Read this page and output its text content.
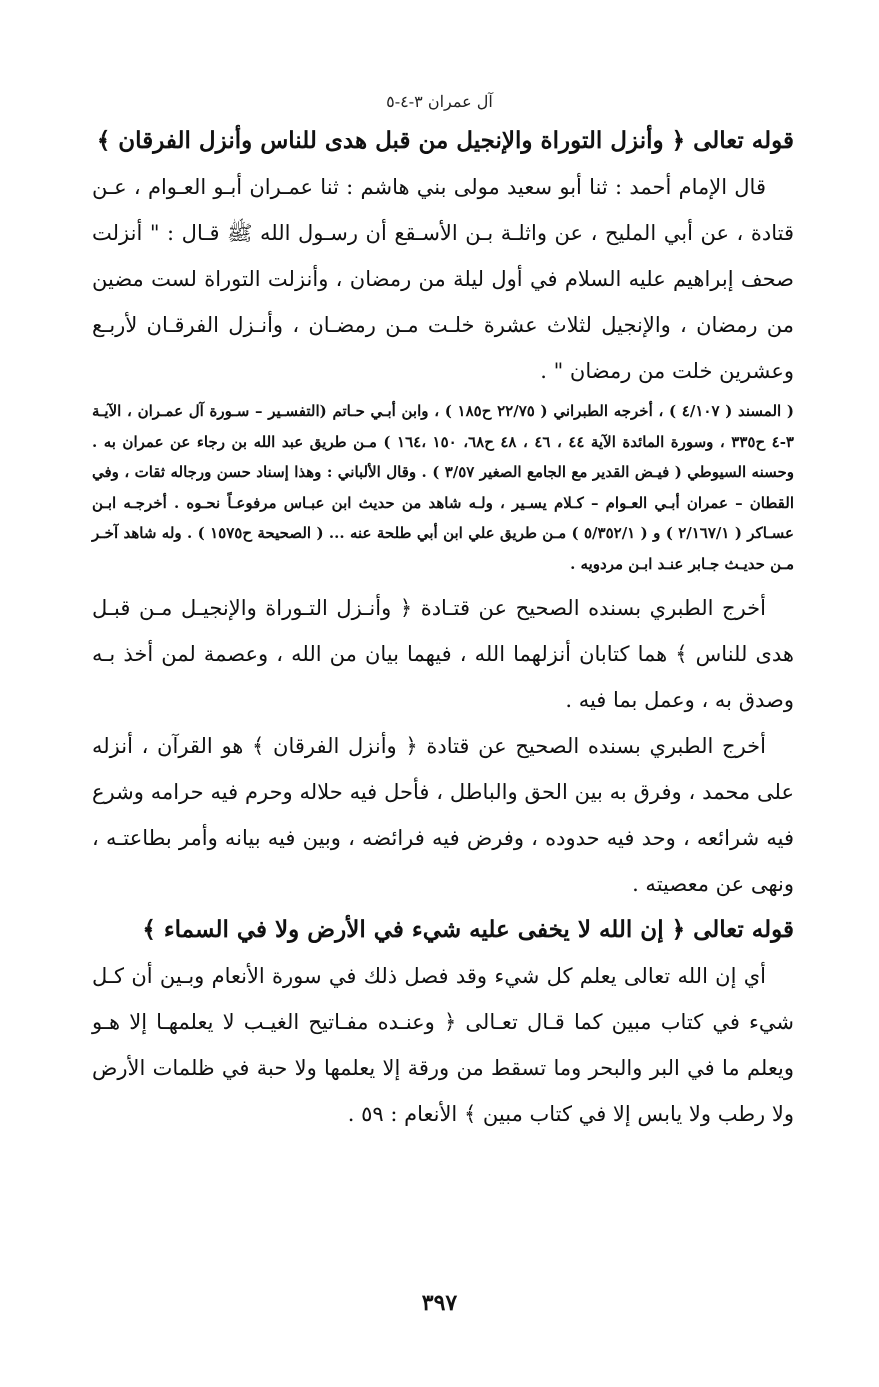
آل عمران ٣-٤-٥

قوله تعالى ﴿ وأنزل التوراة والإنجيل من قبل هدى للناس وأنزل الفرقان ﴾

قال الإمام أحمد : ثنا أبو سعيد مولى بني هاشم : ثنا عمـران أبـو العـوام ، عـن قتادة ، عن أبي المليح ، عن واثلـة بـن الأسـقع أن رسـول الله ﷺ قـال : " أنزلت صحف إبراهيم عليه السلام في أول ليلة من رمضان ، وأنزلت التوراة لست مضين من رمضان ، والإنجيل لثلاث عشرة خلـت مـن رمضـان ، وأنـزل الفرقـان لأربـع وعشرين خلت من رمضان " .

( المسند ( ٤/١٠٧ ) ، أخرجه الطبراني ( ٢٢/٧٥ ح١٨٥ ) ، وابن أبـي حـاتم (التفسـير – سـورة آل عمـران ، الآيـة ٣-٤ ح٣٣٥ ، وسورة المائدة الآية ٤٤ ، ٤٦ ، ٤٨ ح٦٨، ١٥٠ ،١٦٤ ) مـن طريق عبد الله بن رجاء عن عمران به . وحسنه السيوطي ( فيـض القدير مع الجامع الصغير ٣/٥٧ ) . وقال الألباني : وهذا إسناد حسن ورجاله ثقات ، وفي القطان – عمران أبـي العـوام – كـلام يسـير ، ولـه شاهد من حديث ابن عبـاس مرفوعـاً نحـوه . أخرجـه ابـن عسـاكر ( ٢/١٦٧/١ ) و ( ٥/٣٥٢/١ ) مـن طريق علي ابن أبي طلحة عنه ... ( الصحيحة ح١٥٧٥ ) . وله شاهد آخـر مـن حديـث جـابر عنـد ابـن مردويه .

أخرج الطبري بسنده الصحيح عن قتـادة ﴿ وأنـزل التـوراة والإنجيـل مـن قبـل هدى للناس ﴾ هما كتابان أنزلهما الله ، فيهما بيان من الله ، وعصمة لمن أخذ بـه وصدق به ، وعمل بما فيه .

أخرج الطبري بسنده الصحيح عن قتادة ﴿ وأنزل الفرقان ﴾ هو القرآن ، أنزله على محمد ، وفرق به بين الحق والباطل ، فأحل فيه حلاله وحرم فيه حرامه وشرع فيه شرائعه ، وحد فيه حدوده ، وفرض فيه فرائضه ، وبين فيه بيانه وأمر بطاعتـه ، ونهى عن معصيته .

قوله تعالى ﴿ إن الله لا يخفى عليه شيء في الأرض ولا في السماء ﴾

أي إن الله تعالى يعلم كل شيء وقد فصل ذلك في سورة الأنعام وبـين أن كـل شيء في كتاب مبين كما قـال تعـالى ﴿ وعنـده مفـاتيح الغيـب لا يعلمهـا إلا هـو ويعلم ما في البر والبحر وما تسقط من ورقة إلا يعلمها ولا حبة في ظلمات الأرض ولا رطب ولا يابس إلا في كتاب مبين ﴾ الأنعام : ٥٩ .

٣٩٧
